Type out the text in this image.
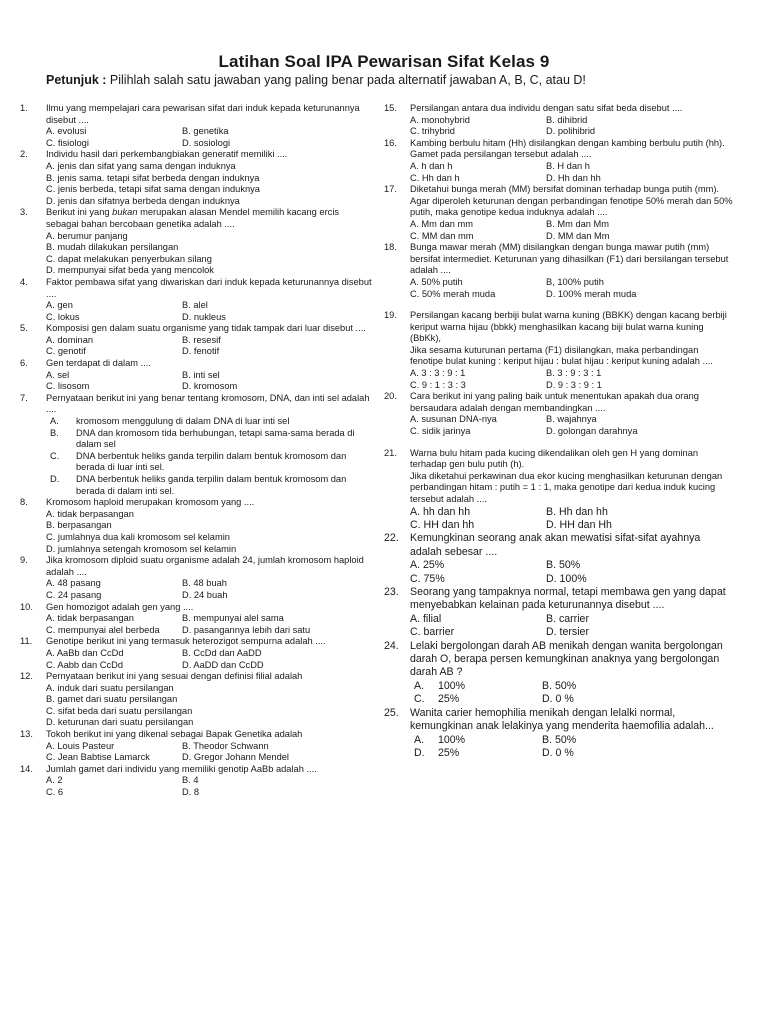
Latihan Soal IPA Pewarisan Sifat Kelas 9
Petunjuk : Pilihlah salah satu jawaban yang paling benar pada alternatif jawaban A, B, C, atau D!
1.	Ilmu yang mempelajari cara pewarisan sifat dari induk kepada keturunannya disebut ....
A. evolusi	B. genetika
C. fisiologi	D. sosiologi
2.	Individu hasil dari perkembangbiakan generatif memiliki ....
A. jenis dan sifat yang sama dengan induknya
B. jenis sama. tetapi sifat berbeda dengan induknya
C. jenis berbeda, tetapi sifat sama dengan induknya
D. jenis dan sifatnya berbeda dengan induknya
3.	Berikut ini yang bukan merupakan alasan Mendel memilih kacang ercis sebagai bahan bercobaan genetika adalah ....
A. berumur panjang
B. mudah dilakukan persilangan
C. dapat melakukan penyerbukan silang
D. mempunyai sifat beda yang mencolok
4.	Faktor pembawa sifat yang diwariskan dari induk kepada keturunannya disebut ....
A. gen	B. alel
C. lokus	D. nukleus
5.	Komposisi gen dalam suatu organisme yang tidak tampak dari luar disebut ....
A. dominan	B. resesif
C. genotif	D. fenotif
6.	Gen terdapat di dalam ....
A. sel	B. inti sel
C. lisosom	D. kromosom
7.	Pernyataan berikut ini yang benar tentang kromosom, DNA, dan inti sel adalah ....
A.	kromosom menggulung di dalam DNA di luar inti sel
B.	DNA dan kromosom tida berhubungan, tetapi sama-sama berada di dalam sel
C.	DNA berbentuk heliks ganda terpilin dalam bentuk kromosom dan berada di luar inti sel.
D.	DNA berbentuk heliks ganda terpilin dalam bentuk kromosom dan berada di dalam inti sel.
8.	Kromosom haploid merupakan kromosom yang ....
A. tidak berpasangan
B. berpasangan
C. jumlahnya dua kali kromosom sel kelamin
D. jumlahnya setengah kromosom sel kelamin
9.	Jika kromosom diploid suatu organisme adalah 24, jumlah kromosom haploid adalah ....
A. 48 pasang	B. 48 buah
C. 24 pasang	D. 24 buah
10.	Gen homozigot adalah gen yang ....
A. tidak berpasangan	B. mempunyai alel sama
C. mempunyai alel berbeda	D. pasangannya lebih dari satu
11.	Genotipe berikut ini yang termasuk heterozigot sempurna adalah ....
A. AaBb dan CcDd	B. CcDd dan AaDD
C. Aabb dan CcDd	D. AaDD dan CcDD
12.	Pernyataan berikut ini yang sesuai dengan definisi filial adalah
A. induk dari suatu persilangan
B. gamet dari suatu persilangan
C. sifat beda dari suatu persilangan
D. keturunan dari suatu persilangan
13.	Tokoh berikut ini yang dikenal sebagai Bapak Genetika adalah
A. Louis Pasteur	B. Theodor Schwann
C. Jean Babtise Lamarck	D. Gregor Johann Mendel
14.	Jumlah gamet dari individu yang memiliki genotip AaBb adalah ....
A. 2	B. 4
C. 6	D. 8
15.	Persilangan antara dua individu dengan satu sifat beda disebut ....
A. monohybrid	B. dihibrid
C. trihybrid	D. polihibrid
16.	Kambing berbulu hitam (Hh) disilangkan dengan kambing berbulu putih (hh). Gamet pada persilangan tersebut adalah ....
A. h dan h	B. H dan h
C. Hh dan h	D. Hh dan hh
17.	Diketahui bunga merah (MM) bersifat dominan terhadap bunga putih (mm). Agar diperoleh keturunan dengan perbandingan fenotipe 50% merah dan 50% putih, maka genotipe kedua induknya adalah ....
A. Mm dan mm	B. Mm dan Mm
C. MM dan mm	D. MM dan Mm
18.	Bunga mawar merah (MM) disilangkan dengan bunga mawar putih (mm) bersifat intermediet. Keturunan yang dihasilkan (F1) dari bersilangan tersebut adalah ....
A. 50% putih	B, 100% putih
C. 50% merah muda	D. 100% merah muda
19.	Persilangan kacang berbiji bulat warna kuning (BBKK) dengan kacang berbiji keriput warna hijau (bbkk) menghasilkan kacang biji bulat warna kuning (BbKk),
Jika sesama kuturunan pertama (F1) disilangkan, maka perbandingan fenotipe bulat kuning : keriput hijau : bulat hijau : keriput kuning adalah ....
A. 3 : 3 : 9 : 1	B. 3 : 9 : 3 : 1
C. 9 : 1 : 3 : 3	D. 9 : 3 : 9 : 1
20.	Cara berikut ini yang paling baik untuk menentukan apakah dua orang bersaudara adalah dengan membandingkan ....
A. susunan DNA-nya	B. wajahnya
C. sidik jarinya	D. golongan darahnya
21.	Warna bulu hitam pada kucing dikendalikan oleh gen H yang dominan terhadap gen bulu putih (h).
Jika diketahui perkawinan dua ekor kucing menghasilkan keturunan dengan perbandingan hitam : putih = 1 : 1, maka genotipe dari kedua induk kucing tersebut adalah ....
A. hh dan hh	B. Hh dan hh
C. HH dan hh	D. HH dan Hh
22.	Kemungkinan seorang anak akan mewatisi sifat-sifat ayahnya adalah sebesar ....
A. 25%	B. 50%
C. 75%	D. 100%
23.	Seorang yang tampaknya normal, tetapi membawa gen yang dapat menyebabkan kelainan pada keturunannya disebut ....
A. filial	B. carrier
C. barrier	D. tersier
24.	Lelaki bergolongan darah AB menikah dengan wanita bergolongan darah O, berapa persen kemungkinan anaknya yang bergolongan darah AB ?
A.	100%	B. 50%
C.	25%	D. 0 %
25.	Wanita carier hemophilia menikah dengan lelalki normal, kemungkinan anak lelakinya yang menderita haemofilia adalah...
A.	100%	B. 50%
D.	25%	D. 0 %
